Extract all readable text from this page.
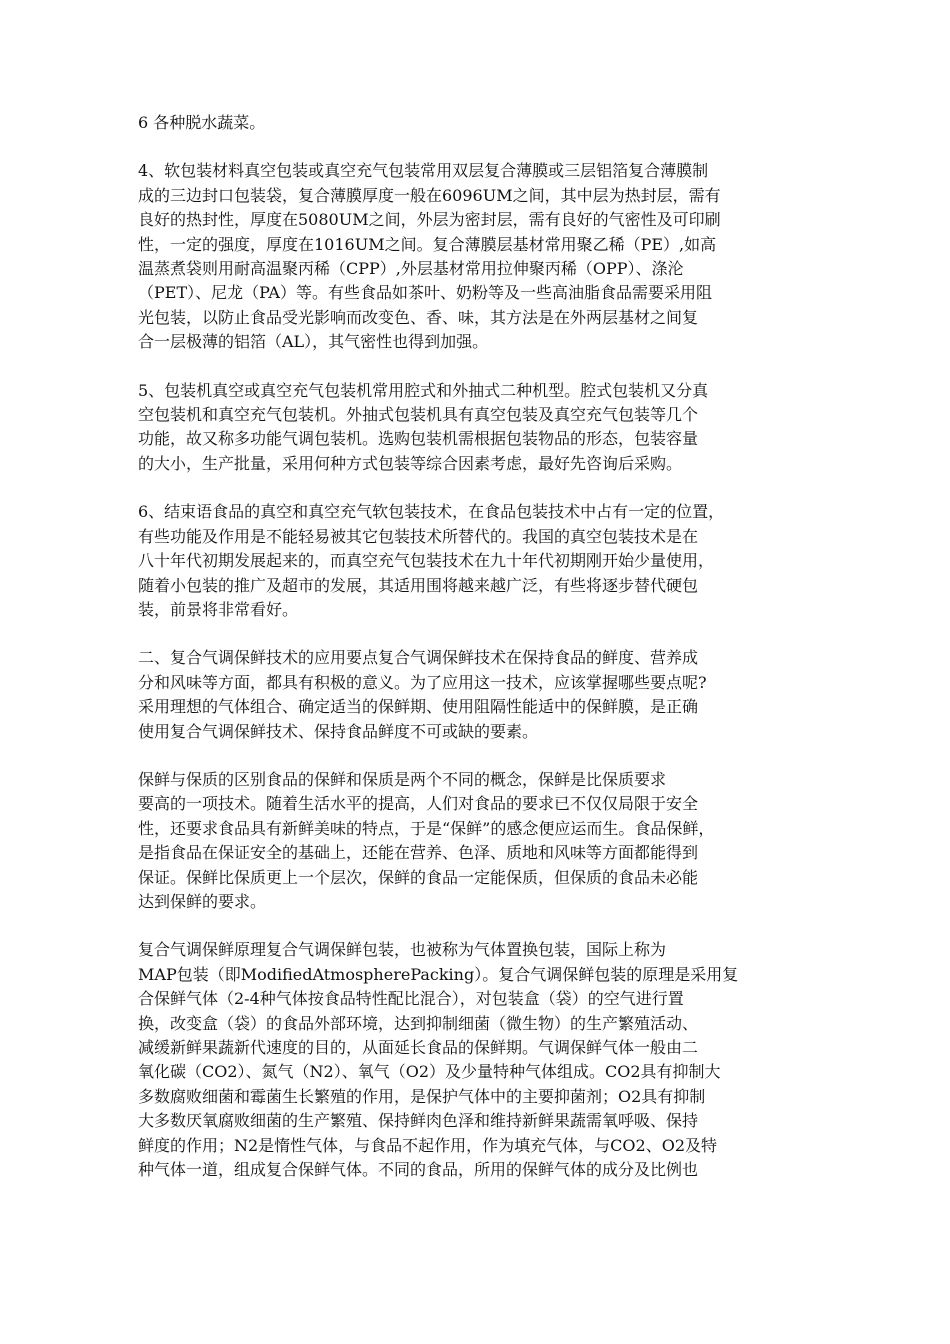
6 各种脱水蔬菜。
4、软包装材料真空包装或真空充气包装常用双层复合薄膜或三层铝箔复合薄膜制
成的三边封口包装袋，复合薄膜厚度一般在6096UM之间，其中层为热封层，需有
良好的热封性，厚度在5080UM之间，外层为密封层，需有良好的气密性及可印刷
性，一定的强度，厚度在1016UM之间。复合薄膜层基材常用聚乙稀（PE）,如高
温蒸煮袋则用耐高温聚丙稀（CPP）,外层基材常用拉伸聚丙稀（OPP）、涤沦
（PET）、尼龙（PA）等。有些食品如茶叶、奶粉等及一些高油脂食品需要采用阻
光包装，以防止食品受光影响而改变色、香、味，其方法是在外两层基材之间复
合一层极薄的铝箔（AL），其气密性也得到加强。
5、包装机真空或真空充气包装机常用腔式和外抽式二种机型。腔式包装机又分真
空包装机和真空充气包装机。外抽式包装机具有真空包装及真空充气包装等几个
功能，故又称多功能气调包装机。选购包装机需根据包装物品的形态，包装容量
的大小，生产批量，采用何种方式包装等综合因素考虑，最好先咨询后采购。
6、结束语食品的真空和真空充气软包装技术，在食品包装技术中占有一定的位置，
有些功能及作用是不能轻易被其它包装技术所替代的。我国的真空包装技术是在
八十年代初期发展起来的，而真空充气包装技术在九十年代初期刚开始少量使用，
随着小包装的推广及超市的发展，其适用围将越来越广泛，有些将逐步替代硬包
装，前景将非常看好。
二、复合气调保鲜技术的应用要点复合气调保鲜技术在保持食品的鲜度、营养成
分和风味等方面，都具有积极的意义。为了应用这一技术，应该掌握哪些要点呢?
采用理想的气体组合、确定适当的保鲜期、使用阻隔性能适中的保鲜膜，是正确
使用复合气调保鲜技术、保持食品鲜度不可或缺的要素。
保鲜与保质的区别食品的保鲜和保质是两个不同的概念，保鲜是比保质要求
要高的一项技术。随着生活水平的提高，人们对食品的要求已不仅仅局限于安全
性，还要求食品具有新鲜美味的特点，于是“保鲜”的感念便应运而生。食品保鲜，
是指食品在保证安全的基础上，还能在营养、色泽、质地和风味等方面都能得到
保证。保鲜比保质更上一个层次，保鲜的食品一定能保质，但保质的食品未必能
达到保鲜的要求。
复合气调保鲜原理复合气调保鲜包装，也被称为气体置换包装，国际上称为
MAP包装（即ModifiedAtmospherePacking）。复合气调保鲜包装的原理是采用复
合保鲜气体（2-4种气体按食品特性配比混合），对包装盒（袋）的空气进行置
换，改变盒（袋）的食品外部环境，达到抑制细菌（微生物）的生产繁殖活动、
减缓新鲜果蔬新代速度的目的，从面延长食品的保鲜期。气调保鲜气体一般由二
氧化碳（CO2）、氮气（N2）、氧气（O2）及少量特种气体组成。CO2具有抑制大
多数腐败细菌和霉菌生长繁殖的作用，是保护气体中的主要抑菌剂；O2具有抑制
大多数厌氧腐败细菌的生产繁殖、保持鲜肉色泽和维持新鲜果蔬需氧呼吸、保持
鲜度的作用；N2是惰性气体，与食品不起作用，作为填充气体，与CO2、O2及特
种气体一道，组成复合保鲜气体。不同的食品，所用的保鲜气体的成分及比例也
